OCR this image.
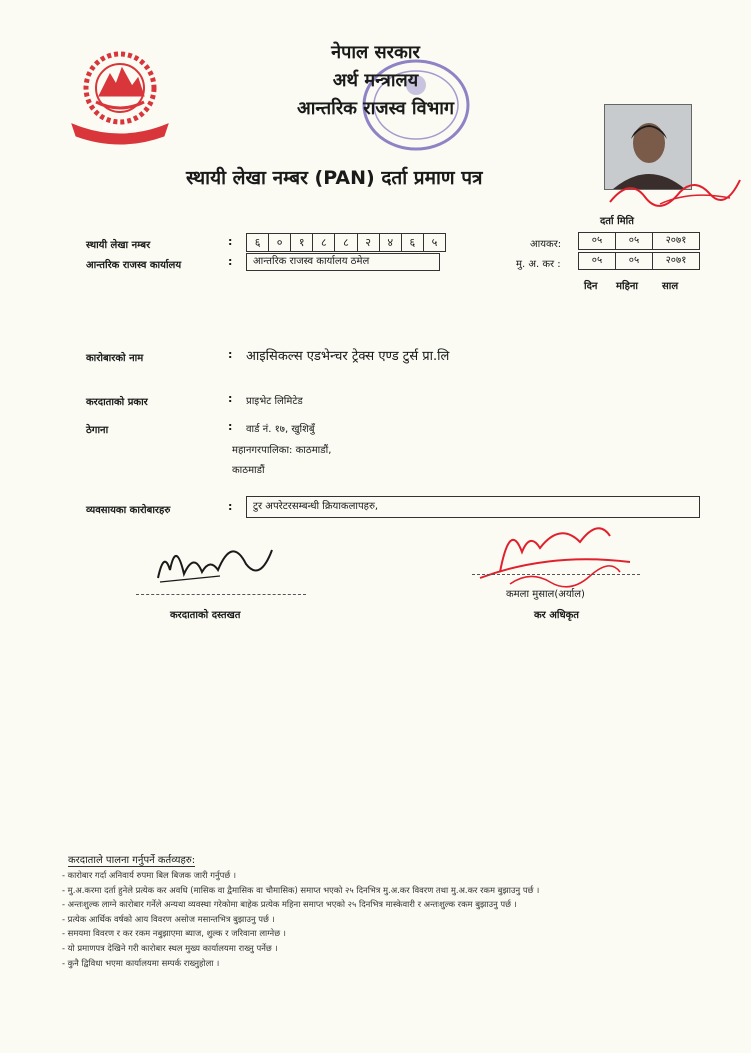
नेपाल सरकार
नेपाल सरकार
अर्थ मन्त्रालय
आन्तरिक राजस्व विभाग
स्थायी लेखा नम्बर (PAN) दर्ता प्रमाण पत्र
दर्ता मिति
स्थायी लेखा नम्बर	:	६	०	१	८	८	२	४	६	५
आन्तरिक राजस्व कार्यालय	:	आन्तरिक राजस्व कार्यालय ठमेल
आयकर:	०५	०५	२०७१
मु. अ. कर :	०५	०५	२०७१
दिन महिना साल
कारोबारको नाम	: आइसिकल्स एडभेन्चर ट्रेक्स एण्ड टुर्स प्रा.लि
करदाताको प्रकार	: प्राइभेट लिमिटेड
ठेगाना	: वार्ड नं. १७, खुशिबुँ
महानगरपालिका: काठमाडौं,
काठमाडौं
व्यवसायका कारोबारहरु	:	टुर अपरेटरसम्बन्धी क्रियाकलापहरु,
करदाताको दस्तखत
कमला मुसाल(अर्याल)
कर अधिकृत
करदाताले पालना गर्नुपर्ने कर्तव्यहरु:
- कारोबार गर्दा अनिवार्य रुपमा बिल बिजक जारी गर्नुपर्छ ।
- मु.अ.करमा दर्ता हुनेले प्रत्येक कर अवधि (मासिक वा द्वैमासिक वा चौमासिक) समाप्त भएको २५ दिनभित्र मु.अ.कर विवरण तथा मु.अ.कर रकम बुझाउनु पर्छ ।
- अन्तःशुल्क लाग्ने कारोबार गर्नेले अन्यथा व्यवस्था गरेकोमा बाहेक प्रत्येक महिना समाप्त भएको २५ दिनभित्र मास्केवारी र अन्तःशुल्क रकम बुझाउनु पर्छ ।
- प्रत्येक आर्थिक वर्षको आय विवरण असोज मसान्तभित्र बुझाउनु पर्छ ।
- समयमा विवरण र कर रकम नबुझाएमा ब्याज, शुल्क र जरिवाना लाग्नेछ ।
- यो प्रमाणपत्र देखिने गरी कारोबार स्थल मुख्य कार्यालयमा राख्नु पर्नेछ ।
- कुनै द्विविधा भएमा कार्यालयमा सम्पर्क राख्नुहोला ।
